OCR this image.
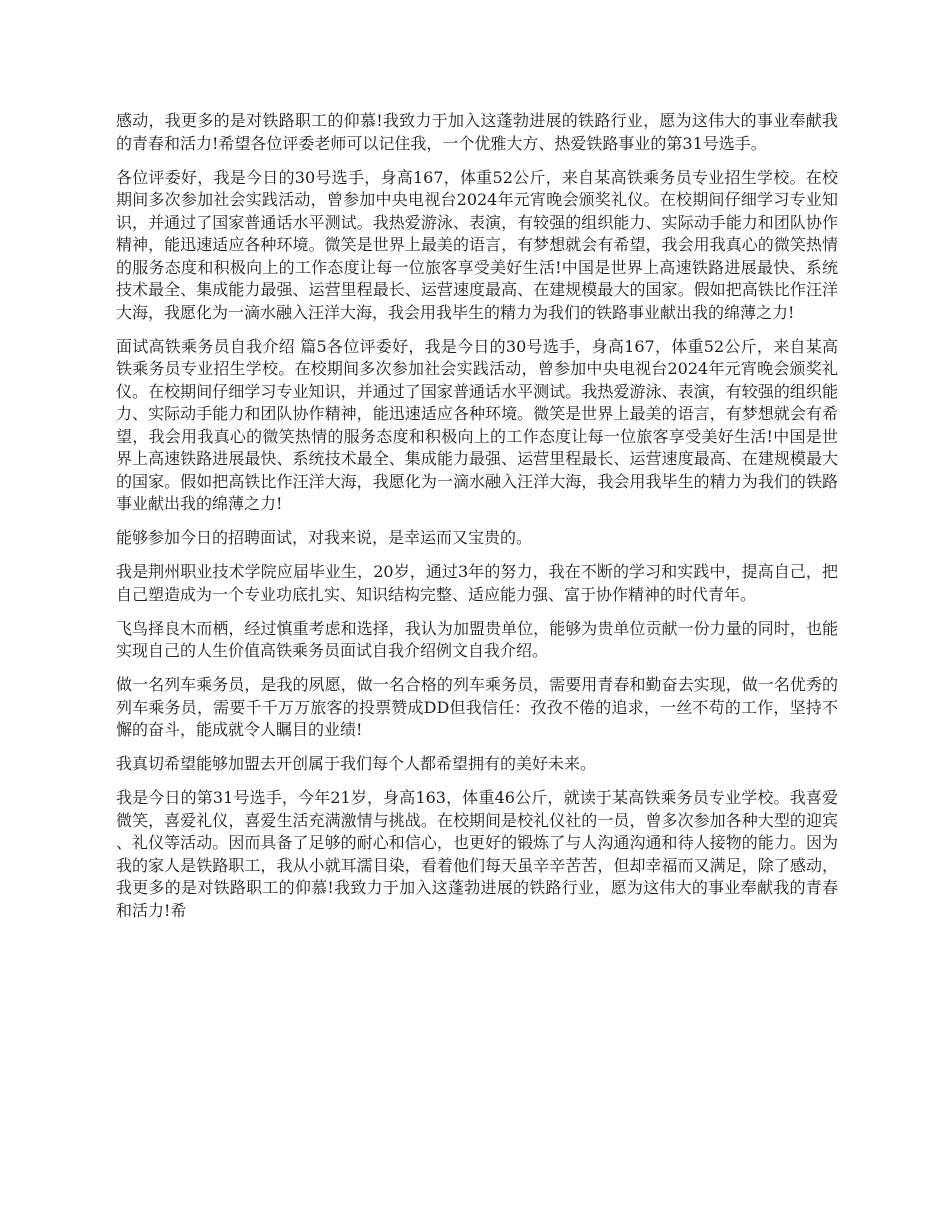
感动，我更多的是对铁路职工的仰慕!我致力于加入这蓬勃进展的铁路行业，愿为这伟大的事业奉献我的青春和活力!希望各位评委老师可以记住我，一个优雅大方、热爱铁路事业的第31号选手。

各位评委好，我是今日的30号选手，身高167，体重52公斤，来自某高铁乘务员专业招生学校。在校期间多次参加社会实践活动，曾参加中央电视台2024年元宵晚会颁奖礼仪。在校期间仔细学习专业知识，并通过了国家普通话水平测试。我热爱游泳、表演，有较强的组织能力、实际动手能力和团队协作精神，能迅速适应各种环境。微笑是世界上最美的语言，有梦想就会有希望，我会用我真心的微笑热情的服务态度和积极向上的工作态度让每一位旅客享受美好生活!中国是世界上高速铁路进展最快、系统技术最全、集成能力最强、运营里程最长、运营速度最高、在建规模最大的国家。假如把高铁比作汪洋大海，我愿化为一滴水融入汪洋大海，我会用我毕生的精力为我们的铁路事业献出我的绵薄之力!

面试高铁乘务员自我介绍 篇5各位评委好，我是今日的30号选手，身高167，体重52公斤，来自某高铁乘务员专业招生学校。在校期间多次参加社会实践活动，曾参加中央电视台2024年元宵晚会颁奖礼仪。在校期间仔细学习专业知识，并通过了国家普通话水平测试。我热爱游泳、表演，有较强的组织能力、实际动手能力和团队协作精神，能迅速适应各种环境。微笑是世界上最美的语言，有梦想就会有希望，我会用我真心的微笑热情的服务态度和积极向上的工作态度让每一位旅客享受美好生活!中国是世界上高速铁路进展最快、系统技术最全、集成能力最强、运营里程最长、运营速度最高、在建规模最大的国家。假如把高铁比作汪洋大海，我愿化为一滴水融入汪洋大海，我会用我毕生的精力为我们的铁路事业献出我的绵薄之力!

能够参加今日的招聘面试，对我来说，是幸运而又宝贵的。

我是荆州职业技术学院应届毕业生，20岁，通过3年的努力，我在不断的学习和实践中，提高自己，把自己塑造成为一个专业功底扎实、知识结构完整、适应能力强、富于协作精神的时代青年。

飞鸟择良木而栖，经过慎重考虑和选择，我认为加盟贵单位，能够为贵单位贡献一份力量的同时，也能实现自己的人生价值高铁乘务员面试自我介绍例文自我介绍。

做一名列车乘务员，是我的夙愿，做一名合格的列车乘务员，需要用青春和勤奋去实现，做一名优秀的列车乘务员，需要千千万万旅客的投票赞成DD但我信任：孜孜不倦的追求，一丝不苟的工作，坚持不懈的奋斗，能成就令人瞩目的业绩!

我真切希望能够加盟去开创属于我们每个人都希望拥有的美好未来。

我是今日的第31号选手，今年21岁，身高163，体重46公斤，就读于某高铁乘务员专业学校。我喜爱微笑，喜爱礼仪，喜爱生活充满激情与挑战。在校期间是校礼仪社的一员，曾多次参加各种大型的迎宾、礼仪等活动。因而具备了足够的耐心和信心，也更好的锻炼了与人沟通沟通和待人接物的能力。因为我的家人是铁路职工，我从小就耳濡目染，看着他们每天虽辛辛苦苦，但却幸福而又满足，除了感动，我更多的是对铁路职工的仰慕!我致力于加入这蓬勃进展的铁路行业，愿为这伟大的事业奉献我的青春和活力!希
